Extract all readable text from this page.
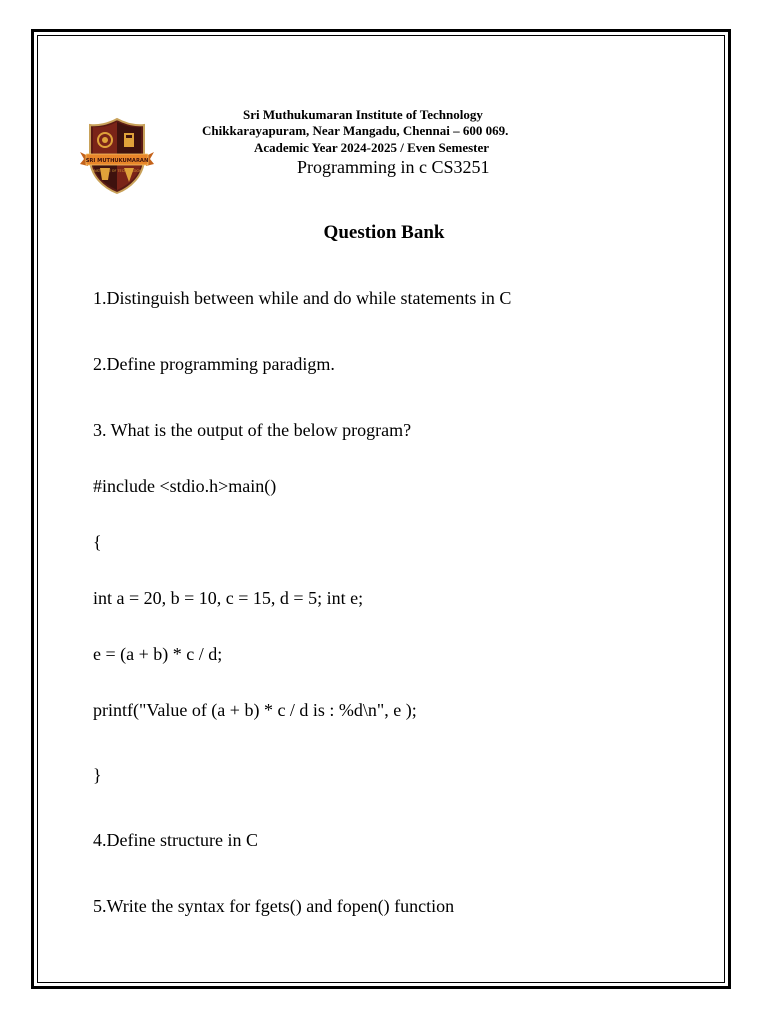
SRI MUTHUKUMARAN
INSTITUTE OF TECHNOLOGY
Sri Muthukumaran Institute of Technology
Chikkarayapuram, Near Mangadu, Chennai – 600 069.
Academic Year 2024-2025 / Even Semester
Programming in c CS3251
Question Bank
1.Distinguish between while and do while statements in C
2.Define programming paradigm.
3. What is the output of the below program?
#include <stdio.h>main()
{
int a = 20, b = 10, c = 15, d = 5; int e;
e = (a + b) * c / d;
printf("Value of (a + b) * c / d is : %d\n", e );
}
4.Define structure in C
5.Write the syntax for fgets() and fopen() function
